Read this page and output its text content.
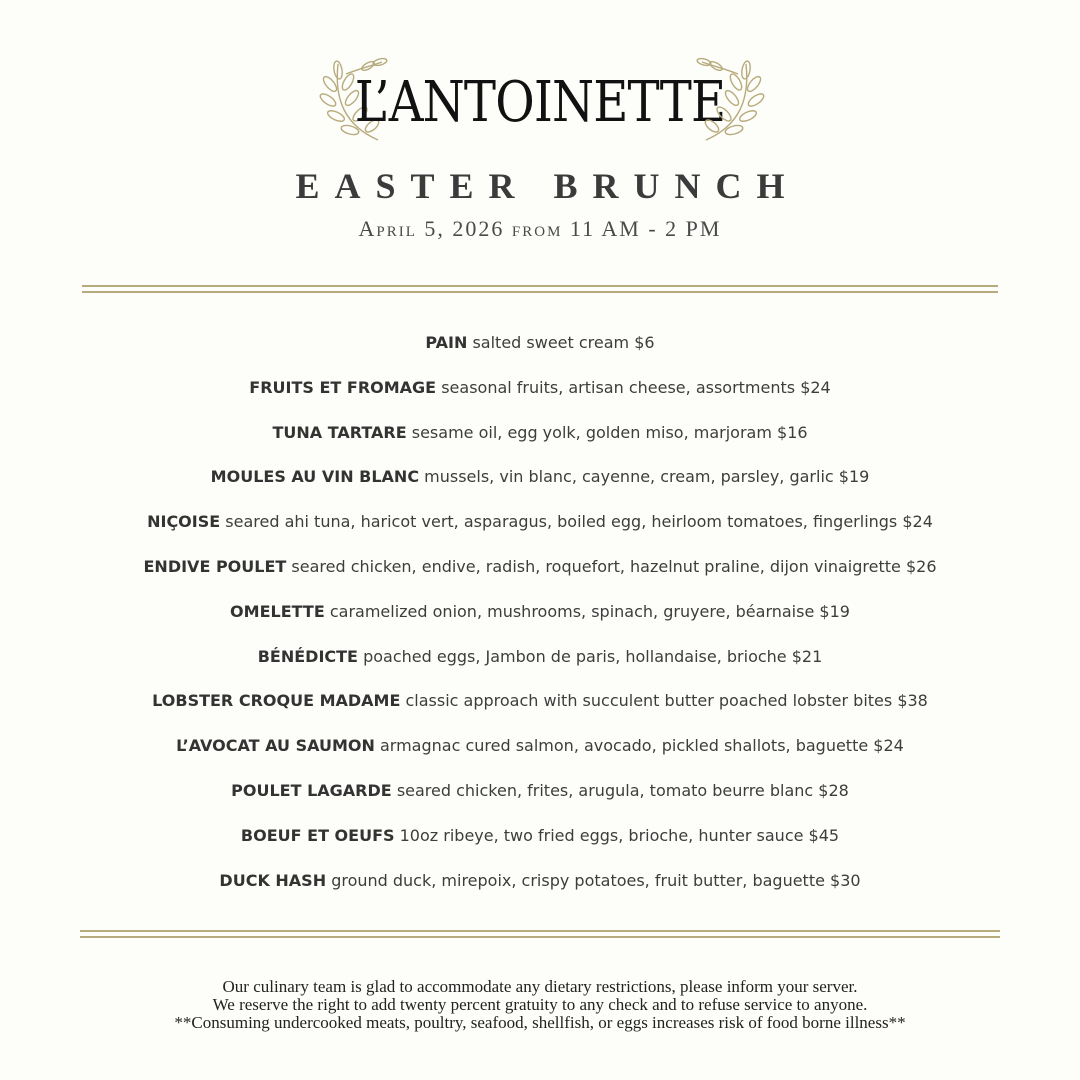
L’ANTOINETTE
EASTER BRUNCH
April 5, 2026 from 11 AM - 2 PM
PAIN salted sweet cream $6
FRUITS ET FROMAGE seasonal fruits, artisan cheese, assortments $24
TUNA TARTARE sesame oil, egg yolk, golden miso, marjoram $16
MOULES AU VIN BLANC mussels, vin blanc, cayenne, cream, parsley, garlic $19
NIÇOISE seared ahi tuna, haricot vert, asparagus, boiled egg, heirloom tomatoes, fingerlings $24
ENDIVE POULET seared chicken, endive, radish, roquefort, hazelnut praline, dijon vinaigrette $26
OMELETTE caramelized onion, mushrooms, spinach, gruyere, béarnaise $19
BÉNÉDICTE poached eggs, Jambon de paris, hollandaise, brioche $21
LOBSTER CROQUE MADAME classic approach with succulent butter poached lobster bites $38
L’AVOCAT AU SAUMON armagnac cured salmon, avocado, pickled shallots, baguette $24
POULET LAGARDE seared chicken, frites, arugula, tomato beurre blanc $28
BOEUF ET OEUFS 10oz ribeye, two fried eggs, brioche, hunter sauce $45
DUCK HASH ground duck, mirepoix, crispy potatoes, fruit butter, baguette $30

Our culinary team is glad to accommodate any dietary restrictions, please inform your server.

We reserve the right to add twenty percent gratuity to any check and to refuse service to anyone.

**Consuming undercooked meats, poultry, seafood, shellfish, or eggs increases risk of food borne illness**
